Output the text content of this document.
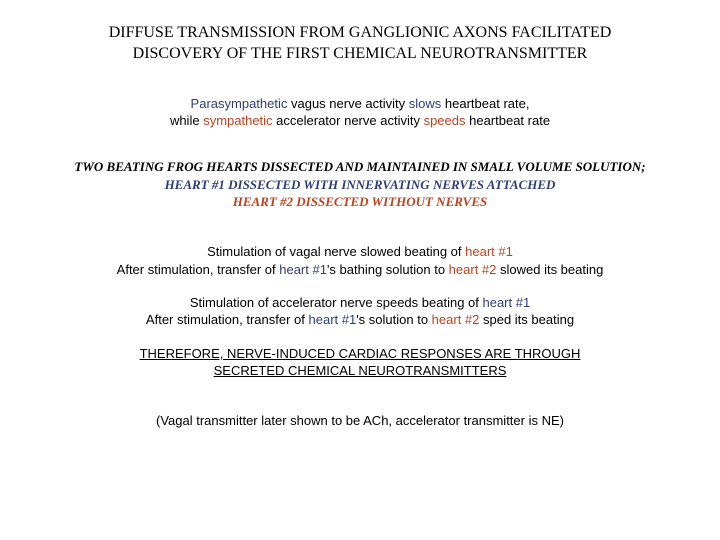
DIFFUSE TRANSMISSION FROM GANGLIONIC AXONS FACILITATED
DISCOVERY OF THE FIRST CHEMICAL NEUROTRANSMITTER
Parasympathetic vagus nerve activity slows heartbeat rate,
while sympathetic accelerator nerve activity speeds heartbeat rate
TWO BEATING FROG HEARTS DISSECTED AND MAINTAINED IN SMALL VOLUME SOLUTION;
HEART #1 DISSECTED WITH INNERVATING NERVES ATTACHED
HEART #2 DISSECTED WITHOUT NERVES
Stimulation of vagal nerve slowed beating of heart #1
After stimulation, transfer of heart #1's bathing solution to heart #2 slowed its beating
Stimulation of accelerator nerve speeds beating of heart #1
After stimulation, transfer of heart #1's solution to heart #2 sped its beating
THEREFORE, NERVE-INDUCED CARDIAC RESPONSES ARE THROUGH
SECRETED CHEMICAL NEUROTRANSMITTERS
(Vagal transmitter later shown to be ACh, accelerator transmitter is NE)
